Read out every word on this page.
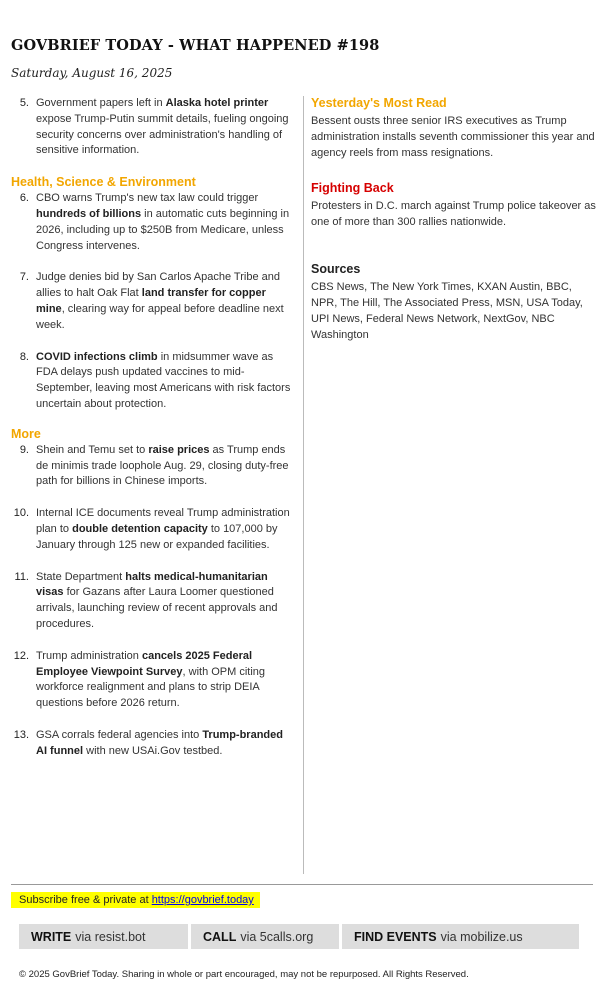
GOVBRIEF TODAY - WHAT HAPPENED #198
Saturday, August 16, 2025
5. Government papers left in Alaska hotel printer expose Trump-Putin summit details, fueling ongoing security concerns over administration's handling of sensitive information.
Health, Science & Environment
6. CBO warns Trump's new tax law could trigger hundreds of billions in automatic cuts beginning in 2026, including up to $250B from Medicare, unless Congress intervenes.
7. Judge denies bid by San Carlos Apache Tribe and allies to halt Oak Flat land transfer for copper mine, clearing way for appeal before deadline next week.
8. COVID infections climb in midsummer wave as FDA delays push updated vaccines to mid-September, leaving most Americans with risk factors uncertain about protection.
More
9. Shein and Temu set to raise prices as Trump ends de minimis trade loophole Aug. 29, closing duty-free path for billions in Chinese imports.
10. Internal ICE documents reveal Trump administration plan to double detention capacity to 107,000 by January through 125 new or expanded facilities.
11. State Department halts medical-humanitarian visas for Gazans after Laura Loomer questioned arrivals, launching review of recent approvals and procedures.
12. Trump administration cancels 2025 Federal Employee Viewpoint Survey, with OPM citing workforce realignment and plans to strip DEIA questions before 2026 return.
13. GSA corrals federal agencies into Trump-branded AI funnel with new USAi.Gov testbed.
Yesterday's Most Read
Bessent ousts three senior IRS executives as Trump administration installs seventh commissioner this year and agency reels from mass resignations.
Fighting Back
Protesters in D.C. march against Trump police takeover as one of more than 300 rallies nationwide.
Sources
CBS News, The New York Times, KXAN Austin, BBC, NPR, The Hill, The Associated Press, MSN, USA Today, UPI News, Federal News Network, NextGov, NBC Washington
Subscribe free & private at https://govbrief.today
WRITE via resist.bot	CALL via 5calls.org	FIND EVENTS via mobilize.us
© 2025 GovBrief Today. Sharing in whole or part encouraged, may not be repurposed. All Rights Reserved.
